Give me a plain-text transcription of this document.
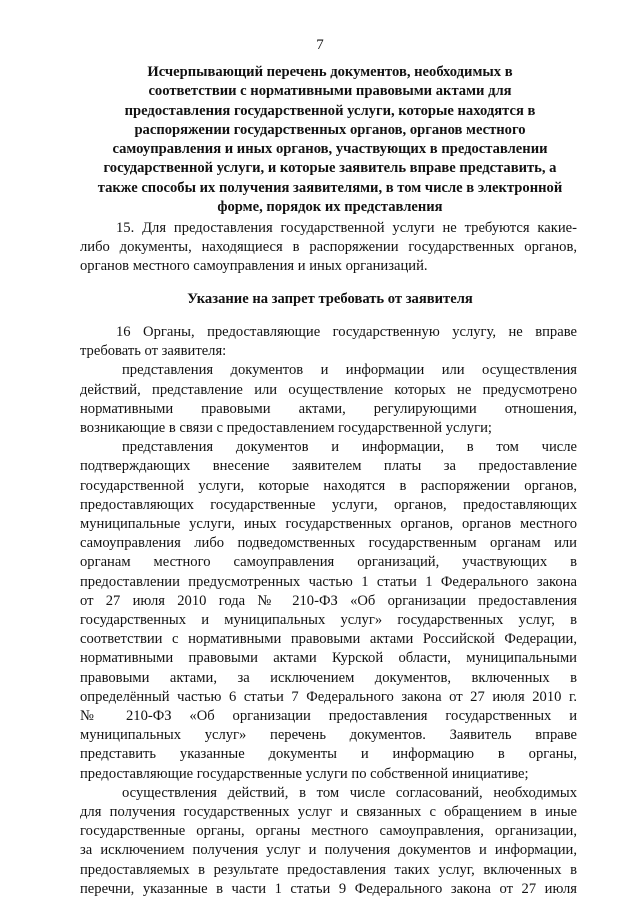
7
Исчерпывающий перечень документов, необходимых в
соответствии с нормативными правовыми актами для
предоставления государственной услуги, которые находятся в
распоряжении государственных органов, органов местного
самоуправления и иных органов, участвующих в предоставлении
государственной услуги, и которые заявитель вправе представить, а
также способы их получения заявителями, в том числе в электронной
форме, порядок их представления
15. Для предоставления государственной услуги не требуются какие-
либо документы, находящиеся в распоряжении государственных органов,
органов местного самоуправления и иных организаций.
Указание на запрет требовать от заявителя
16 Органы, предоставляющие государственную услугу, не вправе
требовать от заявителя:
представления документов и информации или осуществления
действий, представление или осуществление которых не предусмотрено
нормативными правовыми актами, регулирующими отношения,
возникающие в связи с предоставлением государственной услуги;
представления документов и информации, в том числе
подтверждающих внесение заявителем платы за предоставление
государственной услуги, которые находятся в распоряжении органов,
предоставляющих государственные услуги, органов, предоставляющих
муниципальные услуги, иных государственных органов, органов местного
самоуправления либо подведомственных государственным органам или
органам местного самоуправления организаций, участвующих в
предоставлении предусмотренных частью 1 статьи 1 Федерального закона
от 27 июля 2010 года № 210-ФЗ «Об организации предоставления
государственных и муниципальных услуг» государственных услуг, в
соответствии с нормативными правовыми актами Российской Федерации,
нормативными правовыми актами Курской области, муниципальными
правовыми актами, за исключением документов, включенных в
определённый частью 6 статьи 7 Федерального закона от 27 июля 2010 г.
№ 210-ФЗ «Об организации предоставления государственных и
муниципальных услуг» перечень документов. Заявитель вправе
представить указанные документы и информацию в органы,
предоставляющие государственные услуги по собственной инициативе;
осуществления действий, в том числе согласований, необходимых
для получения государственных услуг и связанных с обращением в иные
государственные органы, органы местного самоуправления, организации,
за исключением получения услуг и получения документов и информации,
предоставляемых в результате предоставления таких услуг, включенных в
перечни, указанные в части 1 статьи 9 Федерального закона от 27 июля
